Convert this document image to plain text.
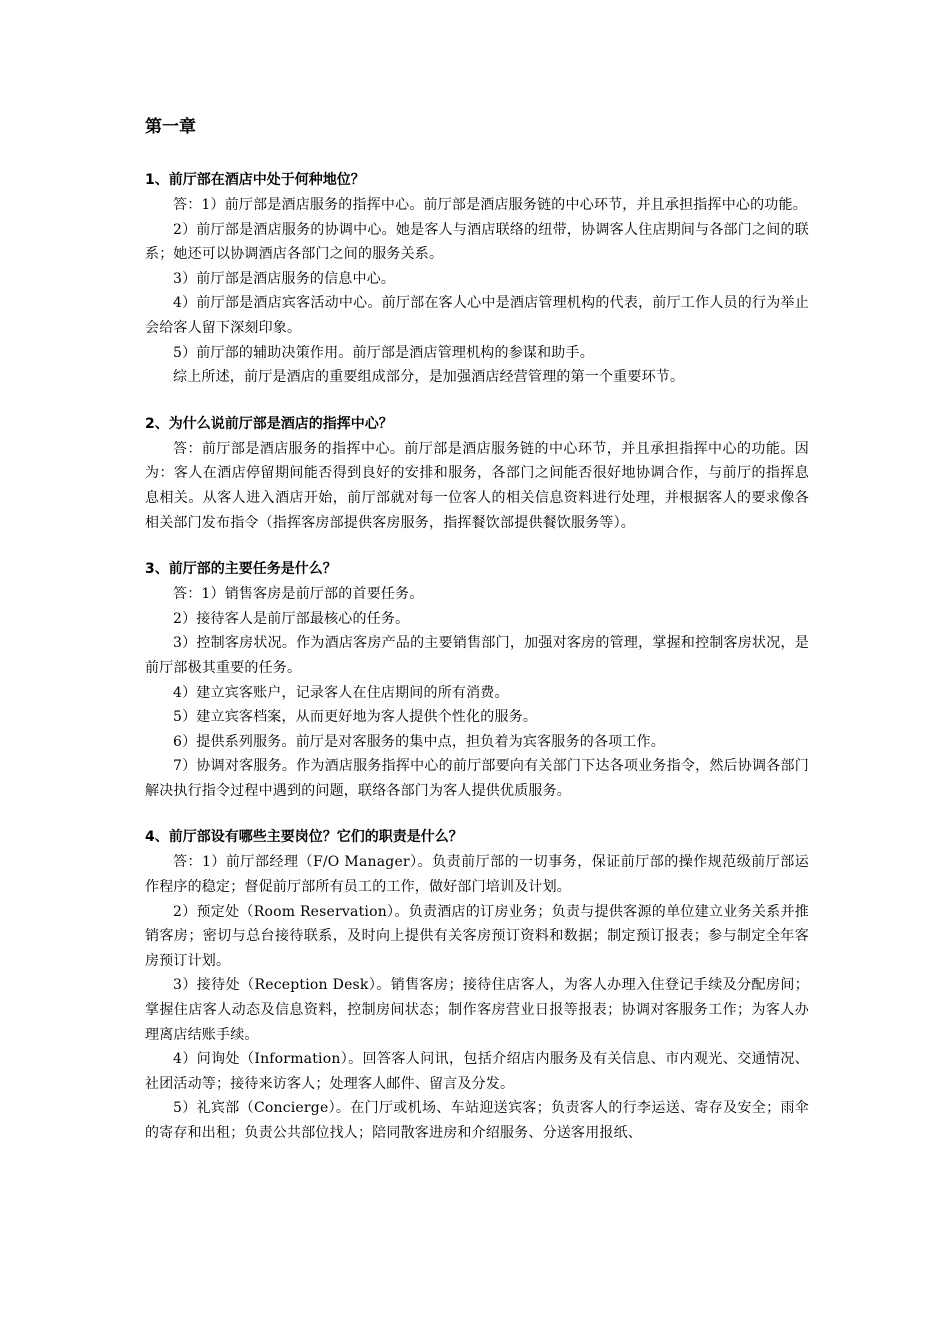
第一章
1、前厅部在酒店中处于何种地位？

答：1）前厅部是酒店服务的指挥中心。前厅部是酒店服务链的中心环节，并且承担指挥中心的功能。

2）前厅部是酒店服务的协调中心。她是客人与酒店联络的纽带，协调客人住店期间与各部门之间的联系；她还可以协调酒店各部门之间的服务关系。

3）前厅部是酒店服务的信息中心。

4）前厅部是酒店宾客活动中心。前厅部在客人心中是酒店管理机构的代表，前厅工作人员的行为举止会给客人留下深刻印象。

5）前厅部的辅助决策作用。前厅部是酒店管理机构的参谋和助手。

综上所述，前厅是酒店的重要组成部分，是加强酒店经营管理的第一个重要环节。

2、为什么说前厅部是酒店的指挥中心？

答：前厅部是酒店服务的指挥中心。前厅部是酒店服务链的中心环节，并且承担指挥中心的功能。因为：客人在酒店停留期间能否得到良好的安排和服务，各部门之间能否很好地协调合作，与前厅的指挥息息相关。从客人进入酒店开始，前厅部就对每一位客人的相关信息资料进行处理，并根据客人的要求像各相关部门发布指令（指挥客房部提供客房服务，指挥餐饮部提供餐饮服务等）。

3、前厅部的主要任务是什么？

答：1）销售客房是前厅部的首要任务。

2）接待客人是前厅部最核心的任务。

3）控制客房状况。作为酒店客房产品的主要销售部门，加强对客房的管理，掌握和控制客房状况，是前厅部极其重要的任务。

4）建立宾客账户，记录客人在住店期间的所有消费。

5）建立宾客档案，从而更好地为客人提供个性化的服务。

6）提供系列服务。前厅是对客服务的集中点，担负着为宾客服务的各项工作。

7）协调对客服务。作为酒店服务指挥中心的前厅部要向有关部门下达各项业务指令，然后协调各部门解决执行指令过程中遇到的问题，联络各部门为客人提供优质服务。

4、前厅部设有哪些主要岗位？它们的职责是什么？

答：1）前厅部经理（F/O Manager）。负责前厅部的一切事务，保证前厅部的操作规范级前厅部运作程序的稳定；督促前厅部所有员工的工作，做好部门培训及计划。

2）预定处（Room Reservation）。负责酒店的订房业务；负责与提供客源的单位建立业务关系并推销客房；密切与总台接待联系，及时向上提供有关客房预订资料和数据；制定预订报表；参与制定全年客房预订计划。

3）接待处（Reception Desk）。销售客房；接待住店客人，为客人办理入住登记手续及分配房间；掌握住店客人动态及信息资料，控制房间状态；制作客房营业日报等报表；协调对客服务工作；为客人办理离店结账手续。

4）问询处（Information）。回答客人问讯，包括介绍店内服务及有关信息、市内观光、交通情况、社团活动等；接待来访客人；处理客人邮件、留言及分发。

5）礼宾部（Concierge）。在门厅或机场、车站迎送宾客；负责客人的行李运送、寄存及安全；雨伞的寄存和出租；负责公共部位找人；陪同散客进房和介绍服务、分送客用报纸、
